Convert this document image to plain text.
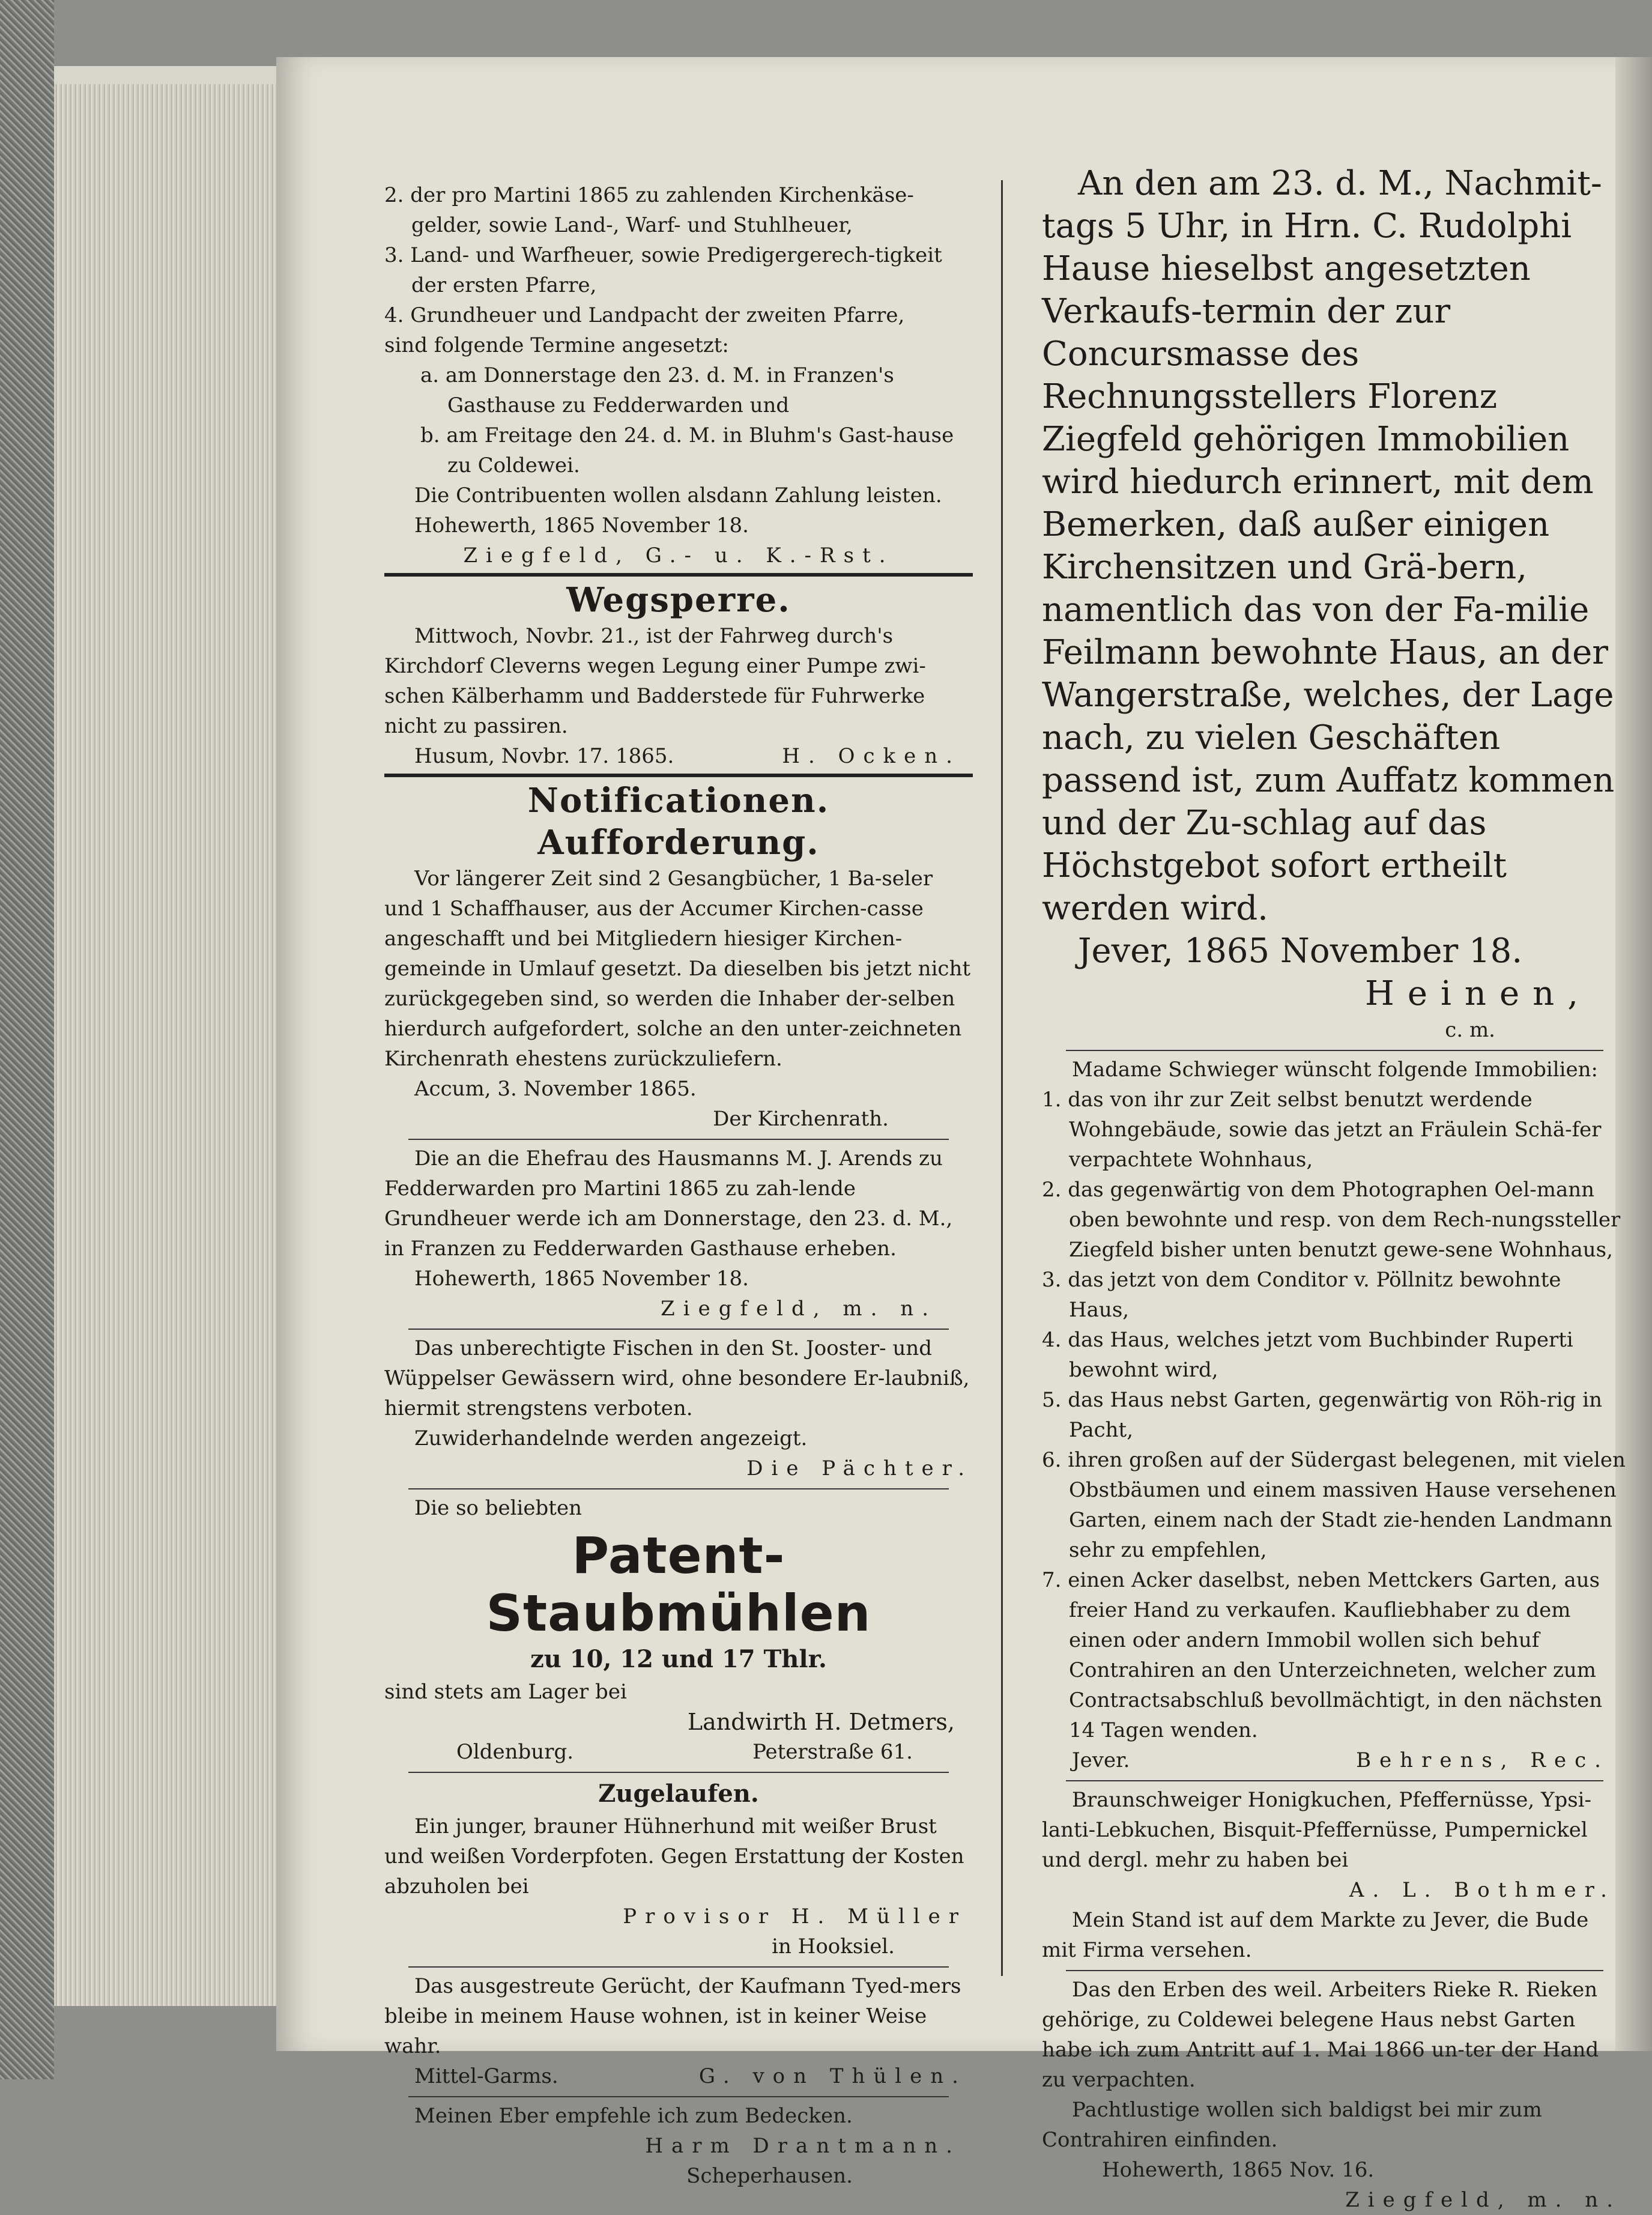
2. der pro Martini 1865 zu zahlenden Kirchenkäse-gelder, sowie Land-, Warf- und Stuhlheuer,

3. Land- und Warfheuer, sowie Predigergerech-tigkeit der ersten Pfarre,

4. Grundheuer und Landpacht der zweiten Pfarre,

sind folgende Termine angesetzt:

a. am Donnerstage den 23. d. M. in Franzen's Gasthause zu Fedderwarden und

b. am Freitage den 24. d. M. in Bluhm's Gast-hause zu Coldewei.

Die Contribuenten wollen alsdann Zahlung leisten.

Hohewerth, 1865 November 18.

Ziegfeld, G.- u. K.-Rst.

Wegsperre.

Mittwoch, Novbr. 21., ist der Fahrweg durch's Kirchdorf Cleverns wegen Legung einer Pumpe zwi-schen Kälberhamm und Badderstede für Fuhrwerke nicht zu passiren.

Husum, Novbr. 17. 1865.	H. Ocken.

Notificationen.

Aufforderung.

Vor längerer Zeit sind 2 Gesangbücher, 1 Ba-seler und 1 Schaffhauser, aus der Accumer Kirchen-casse angeschafft und bei Mitgliedern hiesiger Kirchen-gemeinde in Umlauf gesetzt. Da dieselben bis jetzt nicht zurückgegeben sind, so werden die Inhaber der-selben hierdurch aufgefordert, solche an den unter-zeichneten Kirchenrath ehestens zurückzuliefern.

Accum, 3. November 1865.

Der Kirchenrath.

Die an die Ehefrau des Hausmanns M. J. Arends zu Fedderwarden pro Martini 1865 zu zah-lende Grundheuer werde ich am Donnerstage, den 23. d. M., in Franzen zu Fedderwarden Gasthause erheben.

Hohewerth, 1865 November 18.

Ziegfeld, m. n.

Das unberechtigte Fischen in den St. Jooster- und Wüppelser Gewässern wird, ohne besondere Er-laubniß, hiermit strengstens verboten.

Zuwiderhandelnde werden angezeigt.

Die Pächter.

Die so beliebten

Patent-Staubmühlen

zu 10, 12 und 17 Thlr.

sind stets am Lager bei

Landwirth H. Detmers,

Oldenburg.	Peterstraße 61.

Zugelaufen.

Ein junger, brauner Hühnerhund mit weißer Brust und weißen Vorderpfoten. Gegen Erstattung der Kosten abzuholen bei

Provisor H. Müller

in Hooksiel.

Das ausgestreute Gerücht, der Kaufmann Tyed-mers bleibe in meinem Hause wohnen, ist in keiner Weise wahr.

Mittel-Garms.	G. von Thülen.

Meinen Eber empfehle ich zum Bedecken.

Harm Drantmann.

Scheperhausen.

An den am 23. d. M., Nachmit-tags 5 Uhr, in Hrn. C. Rudolphi Hause hieselbst angesetzten Verkaufs-termin der zur Concursmasse des Rechnungsstellers Florenz Ziegfeld gehörigen Immobilien wird hiedurch erinnert, mit dem Bemerken, daß außer einigen Kirchensitzen und Grä-bern, namentlich das von der Fa-milie Feilmann bewohnte Haus, an der Wangerstraße, welches, der Lage nach, zu vielen Geschäften passend ist, zum Auffatz kommen und der Zu-schlag auf das Höchstgebot sofort ertheilt werden wird.

Jever, 1865 November 18.

Heinen,

c. m.

Madame Schwieger wünscht folgende Immobilien:

1. das von ihr zur Zeit selbst benutzt werdende Wohngebäude, sowie das jetzt an Fräulein Schä-fer verpachtete Wohnhaus,

2. das gegenwärtig von dem Photographen Oel-mann oben bewohnte und resp. von dem Rech-nungssteller Ziegfeld bisher unten benutzt gewe-sene Wohnhaus,

3. das jetzt von dem Conditor v. Pöllnitz bewohnte Haus,

4. das Haus, welches jetzt vom Buchbinder Ruperti bewohnt wird,

5. das Haus nebst Garten, gegenwärtig von Röh-rig in Pacht,

6. ihren großen auf der Südergast belegenen, mit vielen Obstbäumen und einem massiven Hause versehenen Garten, einem nach der Stadt zie-henden Landmann sehr zu empfehlen,

7. einen Acker daselbst, neben Mettckers Garten, aus freier Hand zu verkaufen. Kaufliebhaber zu dem einen oder andern Immobil wollen sich behuf Contrahiren an den Unterzeichneten, welcher zum Contractsabschluß bevollmächtigt, in den nächsten 14 Tagen wenden.

Jever.	Behrens, Rec.

Braunschweiger Honigkuchen, Pfeffernüsse, Ypsi-lanti-Lebkuchen, Bisquit-Pfeffernüsse, Pumpernickel und dergl. mehr zu haben bei

A. L. Bothmer.

Mein Stand ist auf dem Markte zu Jever, die Bude mit Firma versehen.

Das den Erben des weil. Arbeiters Rieke R. Rieken gehörige, zu Coldewei belegene Haus nebst Garten habe ich zum Antritt auf 1. Mai 1866 un-ter der Hand zu verpachten.

Pachtlustige wollen sich baldigst bei mir zum Contrahiren einfinden.

Hohewerth, 1865 Nov. 16.

Ziegfeld, m. n.
